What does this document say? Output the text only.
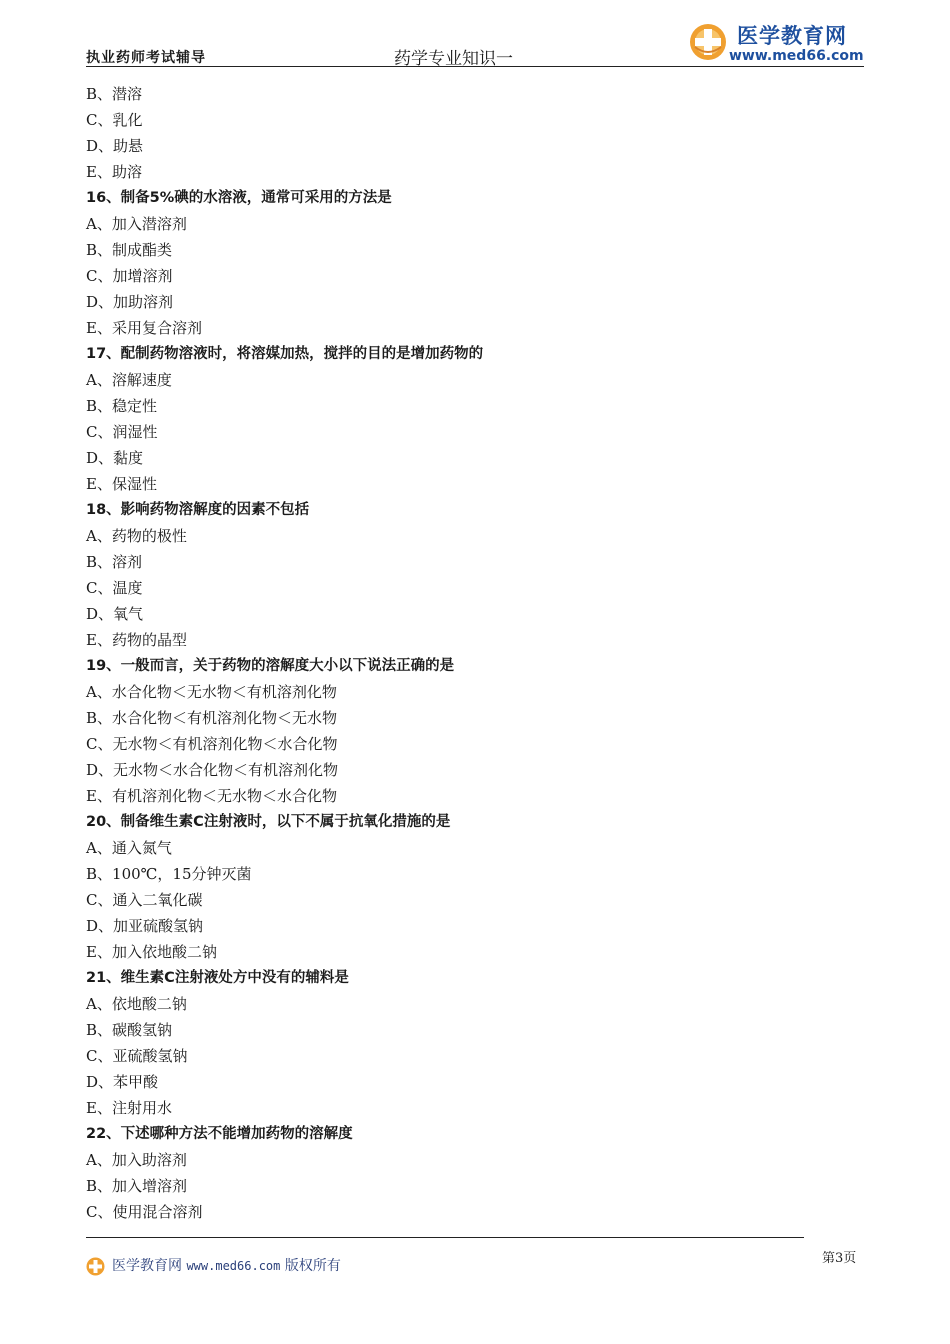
执业药师考试辅导	药学专业知识一
医学教育网
www.med66.com
B、潜溶
C、乳化
D、助悬
E、助溶
16、制备5%碘的水溶液，通常可采用的方法是
A、加入潜溶剂
B、制成酯类
C、加增溶剂
D、加助溶剂
E、采用复合溶剂
17、配制药物溶液时，将溶媒加热，搅拌的目的是增加药物的
A、溶解速度
B、稳定性
C、润湿性
D、黏度
E、保湿性
18、影响药物溶解度的因素不包括
A、药物的极性
B、溶剂
C、温度
D、氧气
E、药物的晶型
19、一般而言，关于药物的溶解度大小以下说法正确的是
A、水合化物＜无水物＜有机溶剂化物
B、水合化物＜有机溶剂化物＜无水物
C、无水物＜有机溶剂化物＜水合化物
D、无水物＜水合化物＜有机溶剂化物
E、有机溶剂化物＜无水物＜水合化物
20、制备维生素C注射液时，以下不属于抗氧化措施的是
A、通入氮气
B、100℃，15分钟灭菌
C、通入二氧化碳
D、加亚硫酸氢钠
E、加入依地酸二钠
21、维生素C注射液处方中没有的辅料是
A、依地酸二钠
B、碳酸氢钠
C、亚硫酸氢钠
D、苯甲酸
E、注射用水
22、下述哪种方法不能增加药物的溶解度
A、加入助溶剂
B、加入增溶剂
C、使用混合溶剂
医学教育网 www.med66.com 版权所有	第3页
